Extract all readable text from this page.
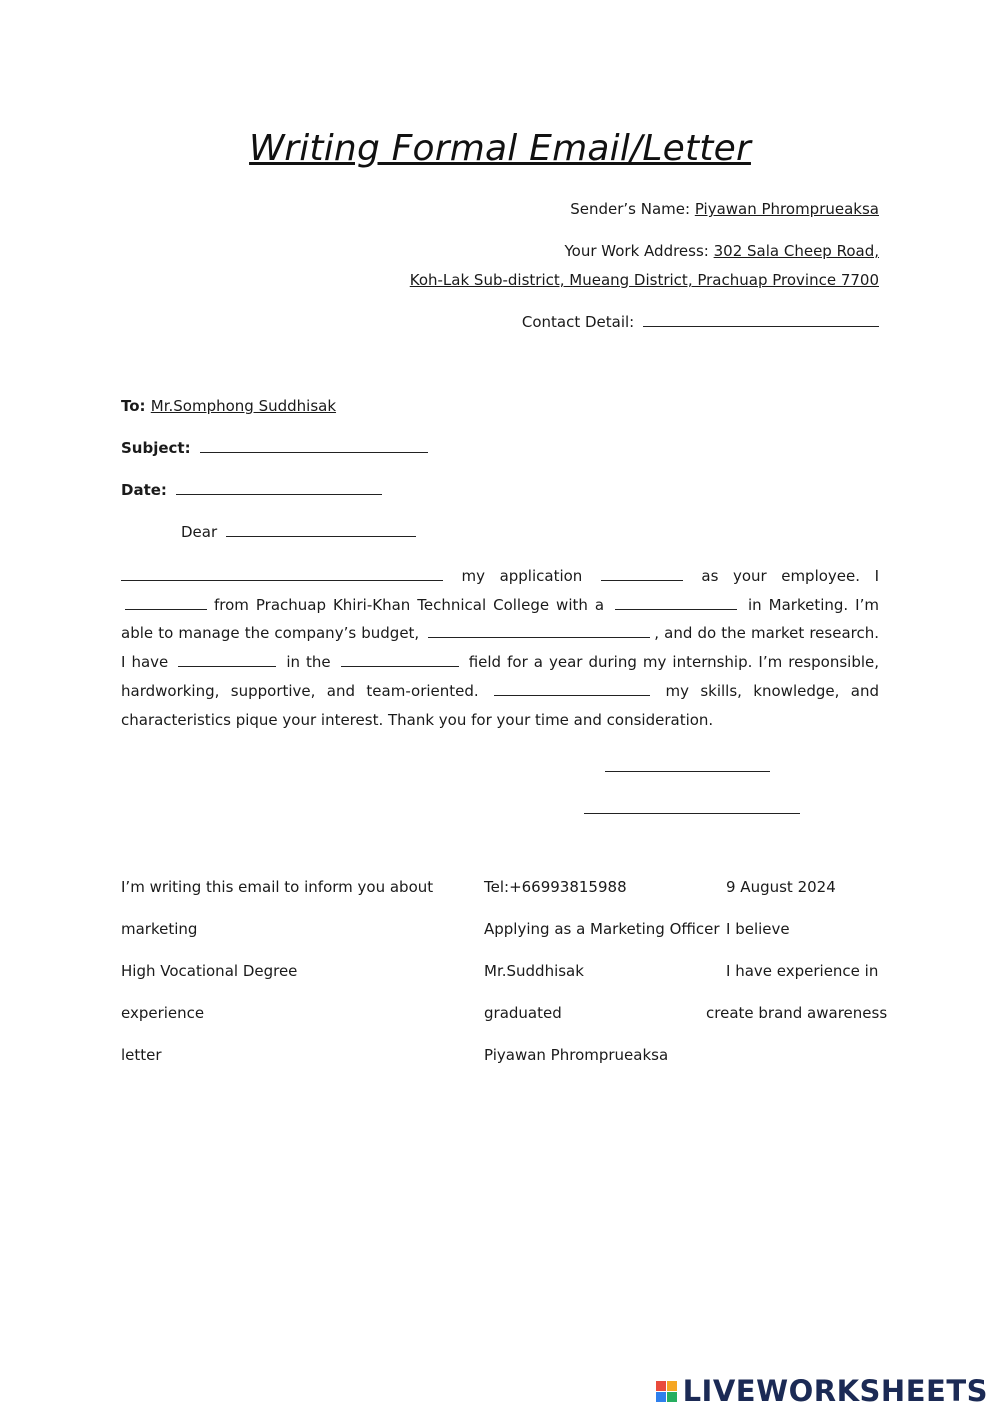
Writing Formal Email/Letter
Sender’s Name: Piyawan Phromprueaksa
Your Work Address: 302 Sala Cheep Road,
Koh-Lak Sub-district, Mueang District, Prachuap Province 7700
Contact Detail:
To: Mr.Somphong Suddhisak
Subject:
Date:
Dear
my application	as your employee. I  from Prachuap Khiri-Khan Technical College with a	in Marketing. I’m able to manage the company’s budget,	, and do the market research. I have	in the	field for a year during my internship. I’m responsible, hardworking, supportive, and team-oriented.	my skills, knowledge, and characteristics pique your interest. Thank you for your time and consideration.
I’m writing this email to inform you about
marketing
High Vocational Degree
experience
letter
Tel:+66993815988
Applying as a Marketing Officer
Mr.Suddhisak
graduated
Piyawan Phromprueaksa
9 August 2024
I believe
I have experience in
create brand awareness
LIVEWORKSHEETS
